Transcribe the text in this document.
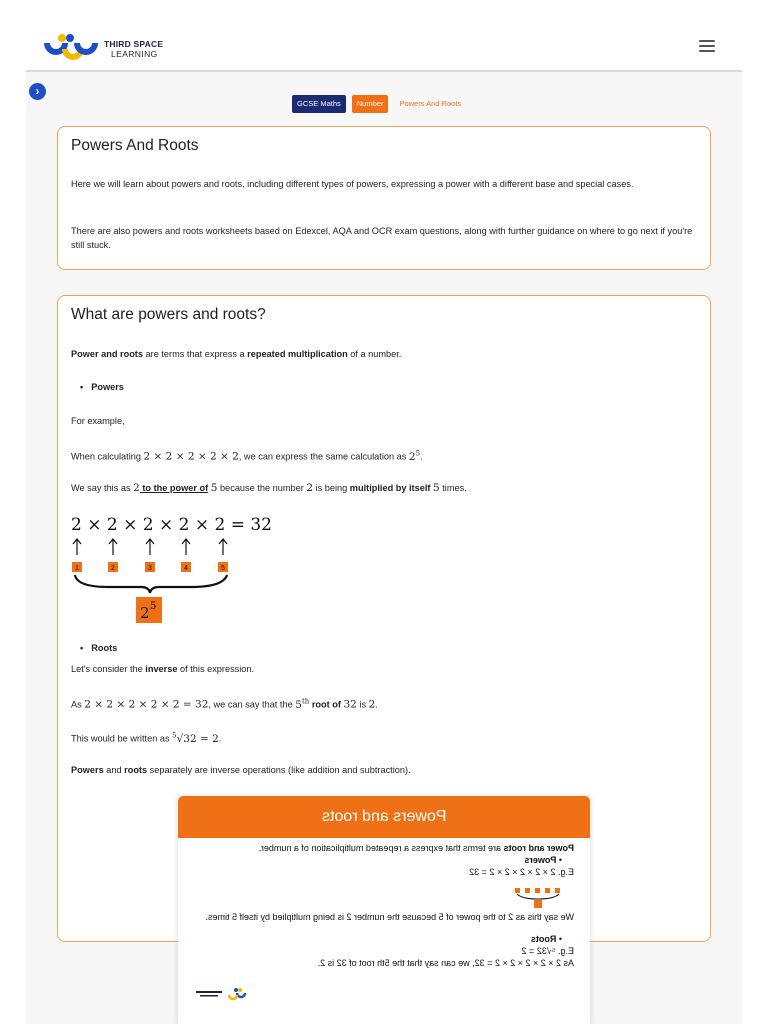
THIRD SPACE
LEARNING
›
GCSE Maths	Number	Powers And Roots
Powers And Roots
Here we will learn about powers and roots, including different types of powers, expressing a power with a different base and special cases.
There are also powers and roots worksheets based on Edexcel, AQA and OCR exam questions, along with further guidance on where to go next if you're still stuck.
What are powers and roots?
Power and roots are terms that express a repeated multiplication of a number.
• Powers
For example,
When calculating 2 × 2 × 2 × 2 × 2, we can express the same calculation as $2^5$.
We say this as 2 to the power of 5 because the number 2 is being multiplied by itself 5 times.
2 × 2 × 2 × 2 × 2 = 32
1	2	3	4	5
2 5
• Roots
Let's consider the inverse of this expression.
As 2 × 2 × 2 × 2 × 2 = 32, we can say that the 5th root of 32 is 2.
This would be written as $^5$√32 = 2.
Powers and roots separately are inverse operations (like addition and subtraction).
Powers and roots
Power and roots are terms that express a repeated multiplication of a number.
• Powers
E.g. 2 × 2 × 2 × 2 × 2 = 32
We say this as 2 to the power of 5 because the number 2 is being multiplied by itself 5 times.
• Roots
E.g. ⁵√32 = 2
As 2 × 2 × 2 × 2 × 2 = 32, we can say that the 5th root of 32 is 2.
